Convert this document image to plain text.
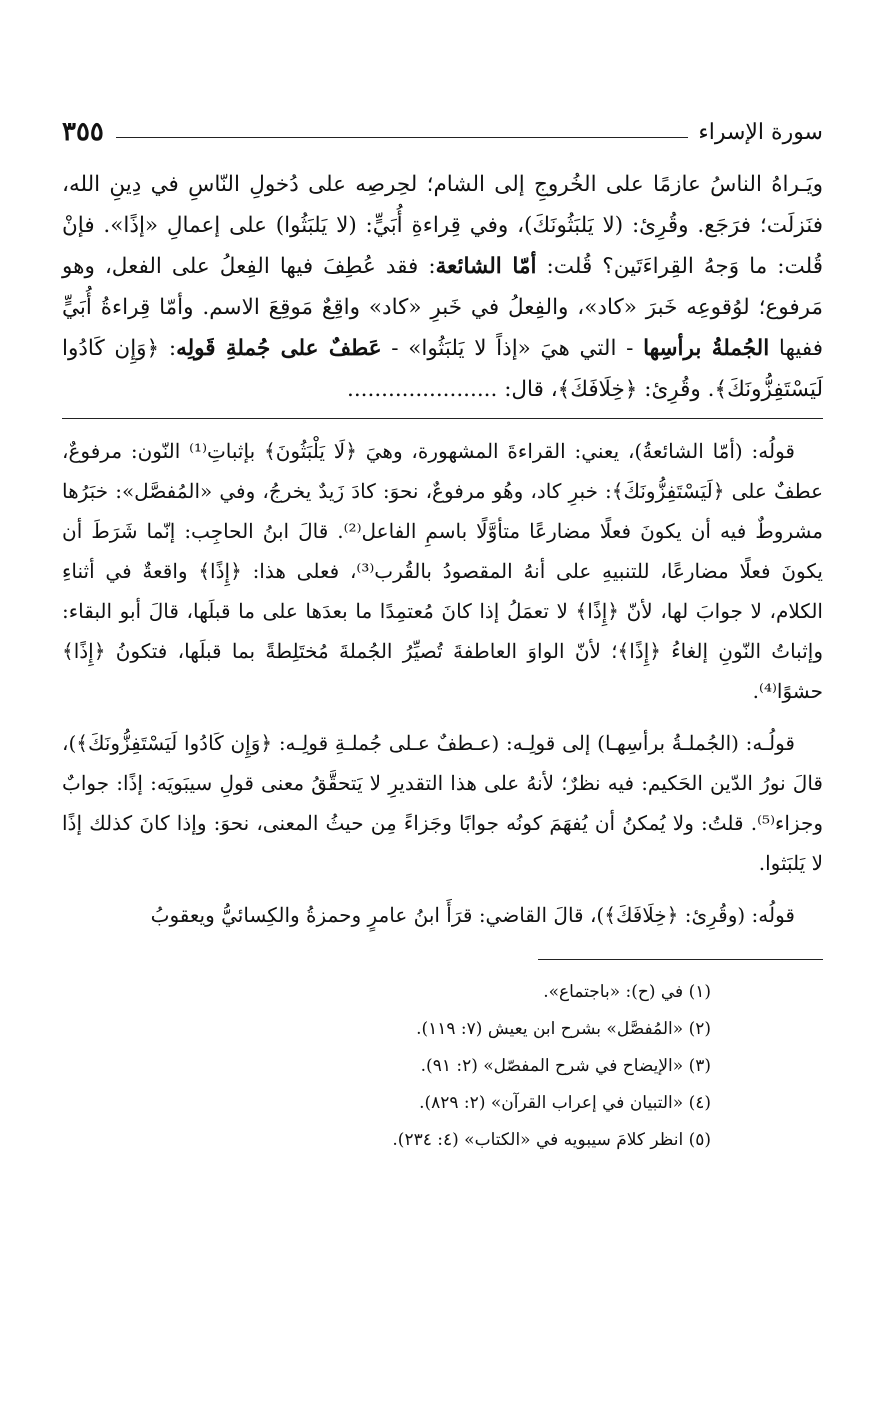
سورة الإسراء
٣٥٥
ويَـراهُ الناسُ عازمًا على الخُروجِ إلى الشام؛ لحِرصِه على دُخولِ النّاسِ في دِينِ الله، فنَزلَت؛ فرَجَع. وقُرِئ: (لا يَلبَثُونَكَ)، وفي قِراءةِ أُبَيٍّ: (لا يَلبَثُوا) على إعمالِ «إذًا». فإنْ قُلت: ما وَجهُ القِراءَتَين؟ قُلت: أمّا الشائعة: فقد عُطِفَ فيها الفِعلُ على الفعل، وهو مَرفوع؛ لوُقوعِه خَبرَ «كاد»، والفِعلُ في خَبرِ «كاد» واقِعٌ مَوقِعَ الاسم. وأمّا قِراءةُ أُبَيٍّ ففيها الجُملةُ برأسِها - التي هيَ «إذاً لا يَلبَثُوا» - عَطفٌ على جُملةِ قَولِه: ﴿وَإِن كَادُوا لَيَسْتَفِزُّونَكَ﴾. وقُرِئ: ﴿خِلَافَكَ﴾، قال: ......................

قولُه: (أمّا الشائعةُ)، يعني: القراءةَ المشهورة، وهيَ ﴿لَا يَلْبَثُونَ﴾ بإثباتِ⁽¹⁾ النّون: مرفوعٌ، عطفٌ على ﴿لَيَسْتَفِزُّونَكَ﴾: خبرِ كاد، وهُو مرفوعٌ، نحوَ: كادَ زَيدٌ يخرجُ، وفي «المُفصَّل»: خبَرُها مشروطٌ فيه أن يكونَ فعلًا مضارعًا متأوَّلًا باسمِ الفاعل⁽²⁾. قالَ ابنُ الحاجِب: إنّما شَرَطَ أن يكونَ فعلًا مضارعًا، للتنبيهِ على أنهُ المقصودُ بالقُرب⁽³⁾، فعلى هذا: ﴿إِذًا﴾ واقعةٌ في أثناءِ الكلام، لا جوابَ لها، لأنّ ﴿إِذًا﴾ لا تعمَلُ إذا كانَ مُعتمِدًا ما بعدَها على ما قبلَها، قالَ أبو البقاء: وإثباتُ النّونِ إلغاءُ ﴿إِذًا﴾؛ لأنّ الواوَ العاطفةَ تُصيِّرُ الجُملةَ مُختَلِطةً بما قبلَها، فتكونُ ﴿إِذًا﴾ حشوًا⁽⁴⁾.

قولُـه: (الجُملـةُ برأسِهـا) إلى قولِـه: (عـطفٌ عـلى جُملـةِ قولِـه: ﴿وَإِن كَادُوا لَيَسْتَفِزُّونَكَ﴾)، قالَ نورُ الدّين الحَكيم: فيه نظرٌ؛ لأنهُ على هذا التقديرِ لا يَتحقَّقُ معنى قولِ سيبَويَه: إذًا: جوابٌ وجزاء⁽⁵⁾. قلتُ: ولا يُمكنُ أن يُفهَمَ كونُه جوابًا وجَزاءً مِن حيثُ المعنى، نحوَ: وإذا كانَ كذلك إذًا لا يَلبَثوا.

قولُه: (وقُرِئ: ﴿خِلَافَكَ﴾)، قالَ القاضي: قرَأَ ابنُ عامرٍ وحمزةُ والكِسائيُّ ويعقوبُ

(١) في (ح): «باجتماع».
(٢) «المُفصَّل» بشرح ابن يعيش (٧: ١١٩).
(٣) «الإيضاح في شرح المفصّل» (٢: ٩١).
(٤) «التبيان في إعراب القرآن» (٢: ٨٢٩).
(٥) انظر كلامَ سيبويه في «الكتاب» (٤: ٢٣٤).
